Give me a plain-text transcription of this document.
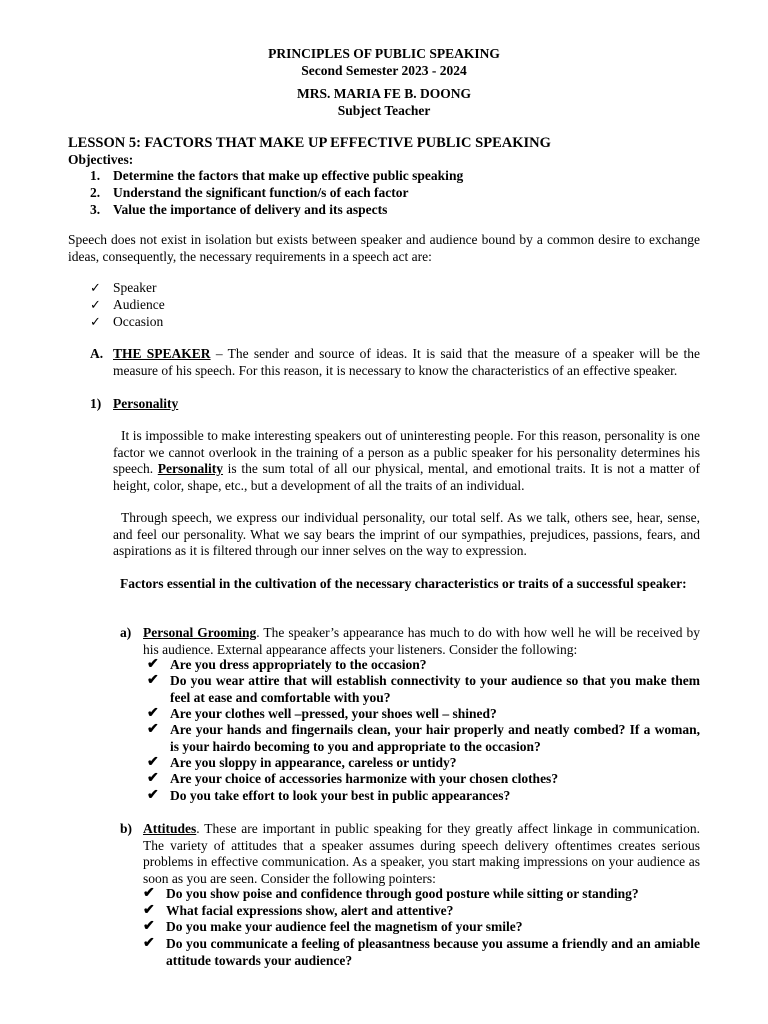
PRINCIPLES OF PUBLIC SPEAKING
Second Semester 2023 - 2024
MRS. MARIA FE B. DOONG
Subject Teacher
LESSON 5: FACTORS THAT MAKE UP EFFECTIVE PUBLIC SPEAKING
Objectives:
1. Determine the factors that make up effective public speaking
2. Understand the significant function/s of each factor
3. Value the importance of delivery and its aspects
Speech does not exist in isolation but exists between speaker and audience bound by a common desire to exchange ideas, consequently, the necessary requirements in a speech act are:
✓ Speaker
✓ Audience
✓ Occasion
A. THE SPEAKER – The sender and source of ideas. It is said that the measure of a speaker will be the measure of his speech. For this reason, it is necessary to know the characteristics of an effective speaker.
1) Personality
It is impossible to make interesting speakers out of uninteresting people. For this reason, personality is one factor we cannot overlook in the training of a person as a public speaker for his personality determines his speech. Personality is the sum total of all our physical, mental, and emotional traits. It is not a matter of height, color, shape, etc., but a development of all the traits of an individual.
Through speech, we express our individual personality, our total self. As we talk, others see, hear, sense, and feel our personality. What we say bears the imprint of our sympathies, prejudices, passions, fears, and aspirations as it is filtered through our inner selves on the way to expression.
Factors essential in the cultivation of the necessary characteristics or traits of a successful speaker:
a) Personal Grooming. The speaker’s appearance has much to do with how well he will be received by his audience. External appearance affects your listeners. Consider the following:
✔ Are you dress appropriately to the occasion?
✔ Do you wear attire that will establish connectivity to your audience so that you make them feel at ease and comfortable with you?
✔ Are your clothes well –pressed, your shoes well – shined?
✔ Are your hands and fingernails clean, your hair properly and neatly combed? If a woman, is your hairdo becoming to you and appropriate to the occasion?
✔ Are you sloppy in appearance, careless or untidy?
✔ Are your choice of accessories harmonize with your chosen clothes?
✔ Do you take effort to look your best in public appearances?
b) Attitudes. These are important in public speaking for they greatly affect linkage in communication. The variety of attitudes that a speaker assumes during speech delivery oftentimes creates serious problems in effective communication. As a speaker, you start making impressions on your audience as soon as you are seen. Consider the following pointers:
✔ Do you show poise and confidence through good posture while sitting or standing?
✔ What facial expressions show, alert and attentive?
✔ Do you make your audience feel the magnetism of your smile?
✔ Do you communicate a feeling of pleasantness because you assume a friendly and an amiable attitude towards your audience?
